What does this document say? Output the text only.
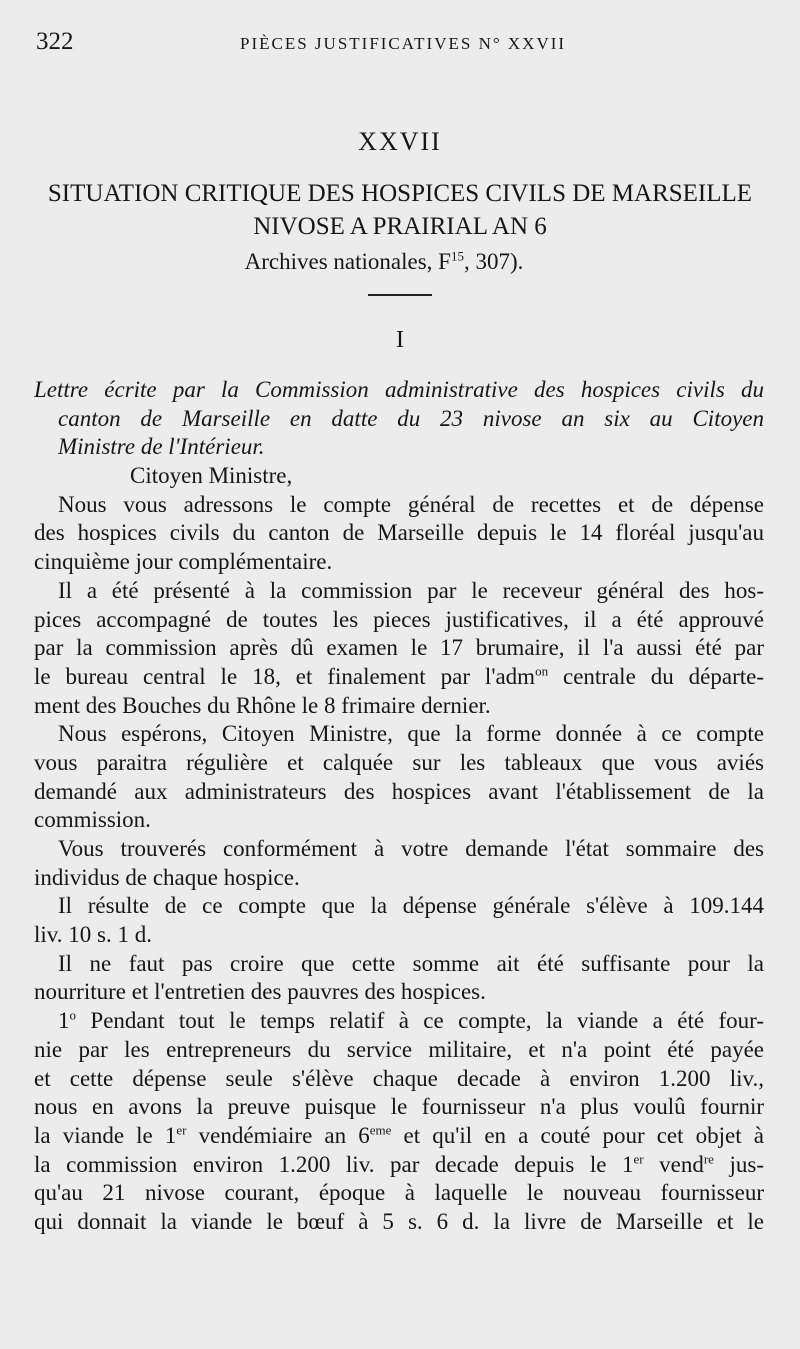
322	PIÈCES JUSTIFICATIVES N° XXVII
XXVII
SITUATION CRITIQUE DES HOSPICES CIVILS DE MARSEILLE
NIVOSE A PRAIRIAL AN 6
Archives nationales, $F^{15}$, 307).
I
Lettre écrite par la Commission administrative des hospices civils du
canton de Marseille en datte du 23 nivose an six au Citoyen
Ministre de l'Intérieur.
Citoyen Ministre,
Nous vous adressons le compte général de recettes et de dépense
des hospices civils du canton de Marseille depuis le 14 floréal jusqu'au
cinquième jour complémentaire.
Il a été présenté à la commission par le receveur général des hos-
pices accompagné de toutes les pieces justificatives, il a été approuvé
par la commission après dû examen le 17 brumaire, il l'a aussi été par
le bureau central le 18, et finalement par l'adm$^{on}$ centrale du départe-
ment des Bouches du Rhône le 8 frimaire dernier.
Nous espérons, Citoyen Ministre, que la forme donnée à ce compte
vous paraitra régulière et calquée sur les tableaux que vous aviés
demandé aux administrateurs des hospices avant l'établissement de la
commission.
Vous trouverés conformément à votre demande l'état sommaire des
individus de chaque hospice.
Il résulte de ce compte que la dépense générale s'élève à 109.144
liv. 10 s. 1 d.
Il ne faut pas croire que cette somme ait été suffisante pour la
nourriture et l'entretien des pauvres des hospices.
1$^o$ Pendant tout le temps relatif à ce compte, la viande a été four-
nie par les entrepreneurs du service militaire, et n'a point été payée
et cette dépense seule s'élève chaque decade à environ 1.200 liv.,
nous en avons la preuve puisque le fournisseur n'a plus voulû fournir
la viande le 1er vendémiaire an 6eme et qu'il en a couté pour cet objet à
la commission environ 1.200 liv. par decade depuis le 1er vend$^{re}$ jus-
qu'au 21 nivose courant, époque à laquelle le nouveau fournisseur
qui donnait la viande le bœuf à 5 s. 6 d. la livre de Marseille et le
